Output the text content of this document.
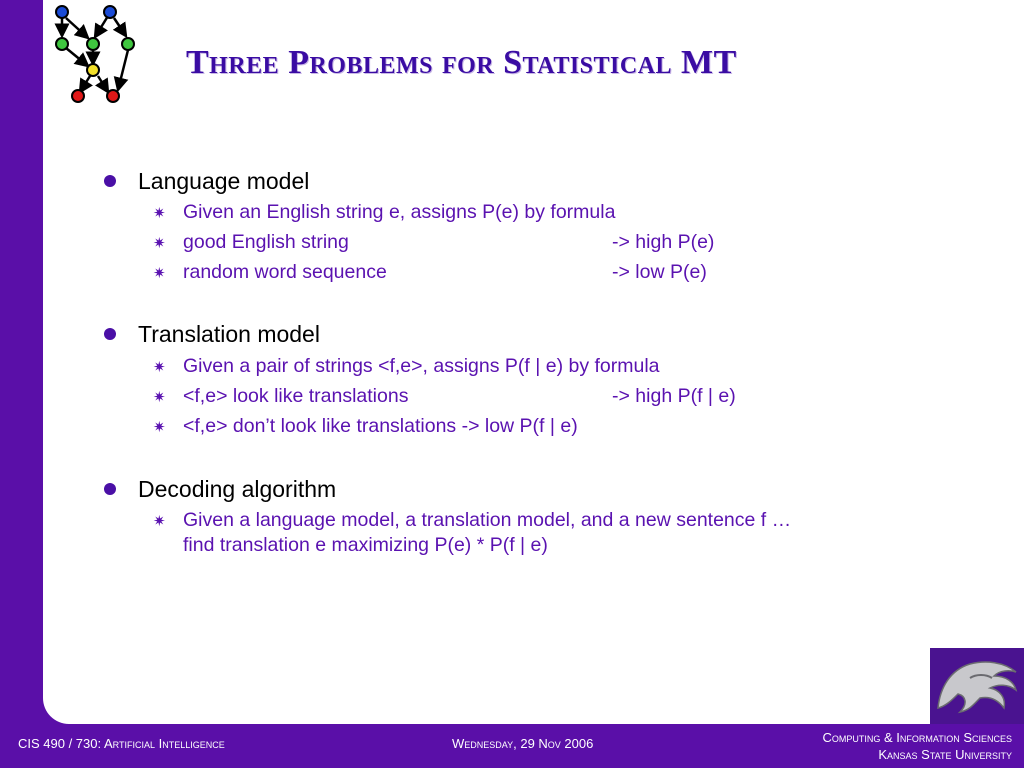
Three Problems for Statistical MT
Language model
✷ Given an English string e, assigns P(e) by formula
✷ good English string	-> high P(e)
✷ random word sequence	-> low P(e)
Translation model
✷ Given a pair of strings <f,e>, assigns P(f | e) by formula
✷ <f,e> look like translations	-> high P(f | e)
✷ <f,e> don’t look like translations -> low P(f | e)
Decoding algorithm
✷ Given a language model, a translation model, and a new sentence f …
find translation e maximizing P(e) * P(f | e)
CIS 490 / 730: Artificial Intelligence	Wednesday, 29 Nov 2006	Computing & Information Sciences
Kansas State University
